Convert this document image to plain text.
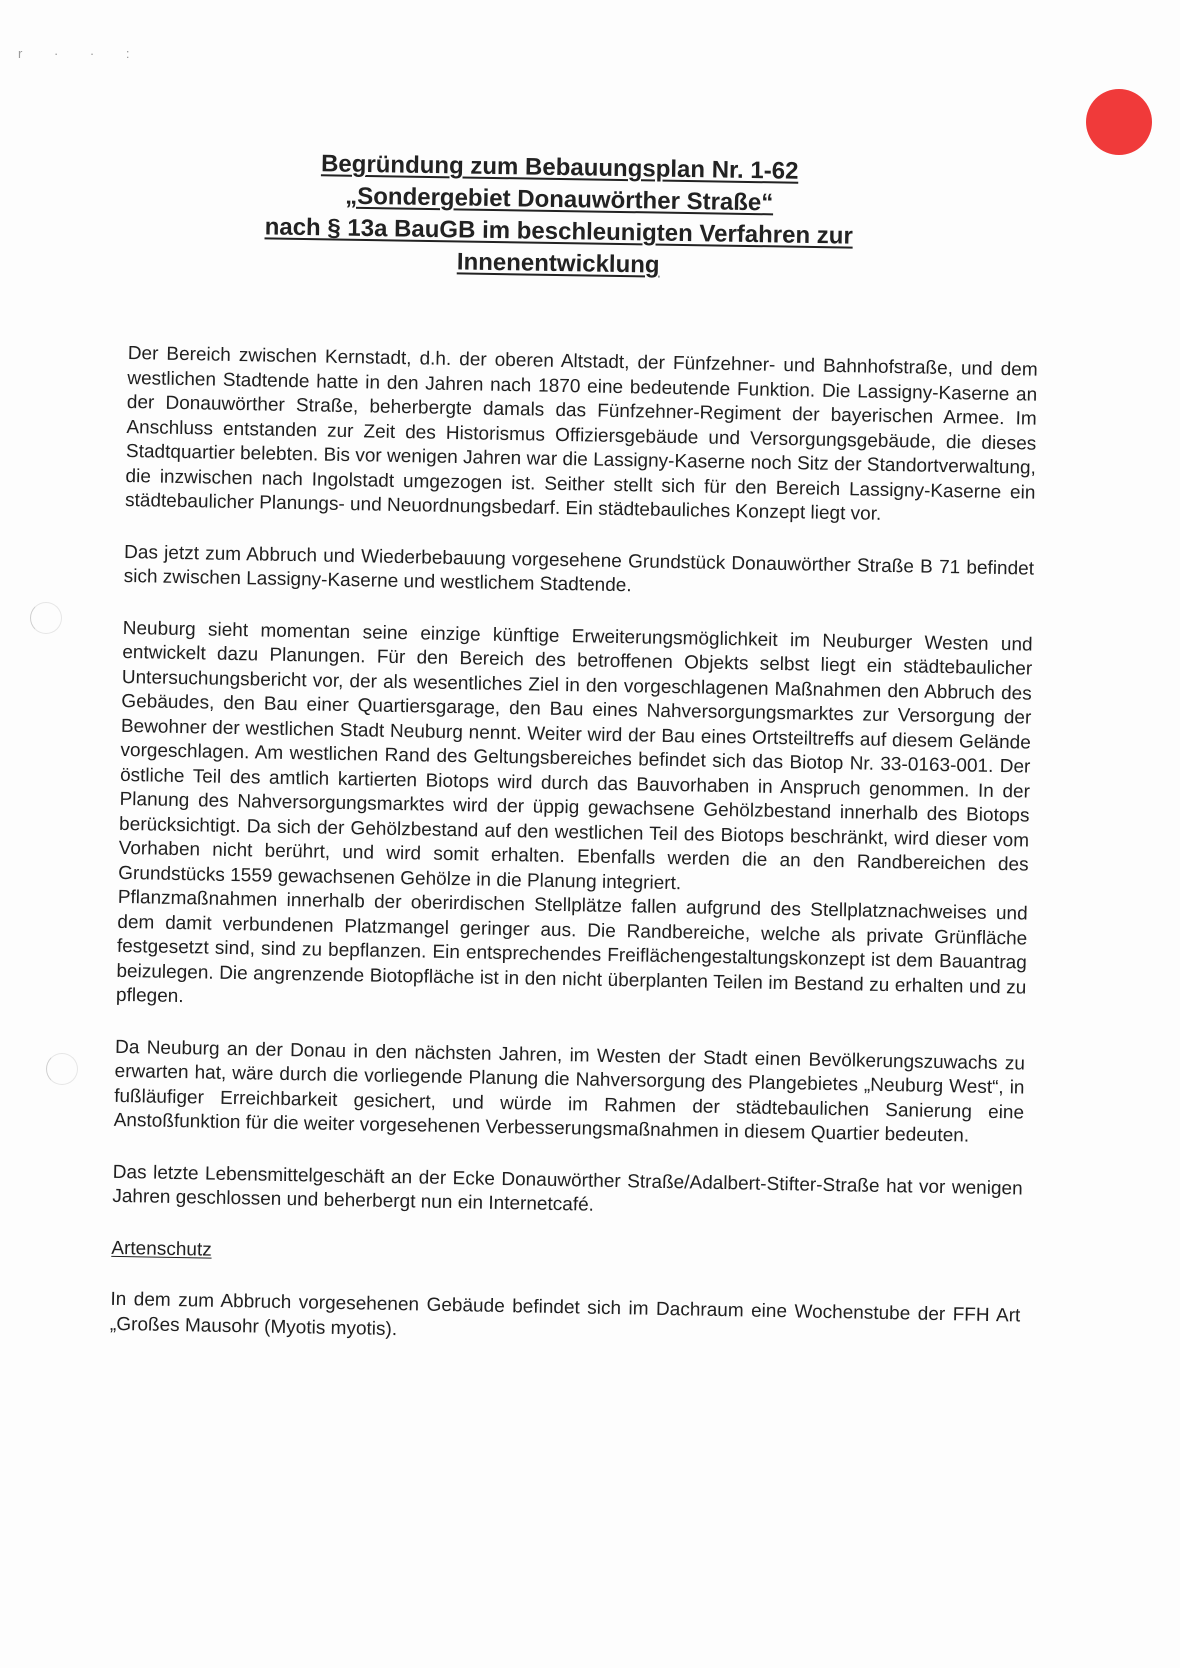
r · · :
Begründung zum Bebauungsplan Nr. 1-62
„Sondergebiet Donauwörther Straße“
nach § 13a BauGB im beschleunigten Verfahren zur
Innenentwicklung

Der Bereich zwischen Kernstadt, d.h. der oberen Altstadt, der Fünfzehner- und Bahnhofstraße, und dem westlichen Stadtende hatte in den Jahren nach 1870 eine bedeutende Funktion. Die Lassigny-Kaserne an der Donauwörther Straße, beherbergte damals das Fünfzehner-Regiment der bayerischen Armee. Im Anschluss entstanden zur Zeit des Historismus Offiziersgebäude und Versorgungsgebäude, die dieses Stadtquartier belebten. Bis vor wenigen Jahren war die Lassigny-Kaserne noch Sitz der Standortverwaltung, die inzwischen nach Ingolstadt umgezogen ist. Seither stellt sich für den Bereich Lassigny-Kaserne ein städtebaulicher Planungs- und Neuordnungsbedarf. Ein städtebauliches Konzept liegt vor.

Das jetzt zum Abbruch und Wiederbebauung vorgesehene Grundstück Donauwörther Straße B 71 befindet sich zwischen Lassigny-Kaserne und westlichem Stadtende.

Neuburg sieht momentan seine einzige künftige Erweiterungsmöglichkeit im Neuburger Westen und entwickelt dazu Planungen. Für den Bereich des betroffenen Objekts selbst liegt ein städtebaulicher Untersuchungsbericht vor, der als wesentliches Ziel in den vorgeschlagenen Maßnahmen den Abbruch des Gebäudes, den Bau einer Quartiersgarage, den Bau eines Nahversorgungsmarktes zur Versorgung der Bewohner der westlichen Stadt Neuburg nennt. Weiter wird der Bau eines Ortsteiltreffs auf diesem Gelände vorgeschlagen. Am westlichen Rand des Geltungsbereiches befindet sich das Biotop Nr. 33-0163-001. Der östliche Teil des amtlich kartierten Biotops wird durch das Bauvorhaben in Anspruch genommen. In der Planung des Nahversorgungsmarktes wird der üppig gewachsene Gehölzbestand innerhalb des Biotops berücksichtigt. Da sich der Gehölzbestand auf den westlichen Teil des Biotops beschränkt, wird dieser vom Vorhaben nicht berührt, und wird somit erhalten. Ebenfalls werden die an den Randbereichen des Grundstücks 1559 gewachsenen Gehölze in die Planung integriert.

Pflanzmaßnahmen innerhalb der oberirdischen Stellplätze fallen aufgrund des Stellplatznachweises und dem damit verbundenen Platzmangel geringer aus. Die Randbereiche, welche als private Grünfläche festgesetzt sind, sind zu bepflanzen. Ein entsprechendes Freiflächengestaltungskonzept ist dem Bauantrag beizulegen. Die angrenzende Biotopfläche ist in den nicht überplanten Teilen im Bestand zu erhalten und zu pflegen.

Da Neuburg an der Donau in den nächsten Jahren, im Westen der Stadt einen Bevölkerungszuwachs zu erwarten hat, wäre durch die vorliegende Planung die Nahversorgung des Plangebietes „Neuburg West“, in fußläufiger Erreichbarkeit gesichert, und würde im Rahmen der städtebaulichen Sanierung eine Anstoßfunktion für die weiter vorgesehenen Verbesserungsmaßnahmen in diesem Quartier bedeuten.

Das letzte Lebensmittelgeschäft an der Ecke Donauwörther Straße/Adalbert-Stifter-Straße hat vor wenigen Jahren geschlossen und beherbergt nun ein Internetcafé.

Artenschutz

In dem zum Abbruch vorgesehenen Gebäude befindet sich im Dachraum eine Wochenstube der FFH Art „Großes Mausohr (Myotis myotis).
